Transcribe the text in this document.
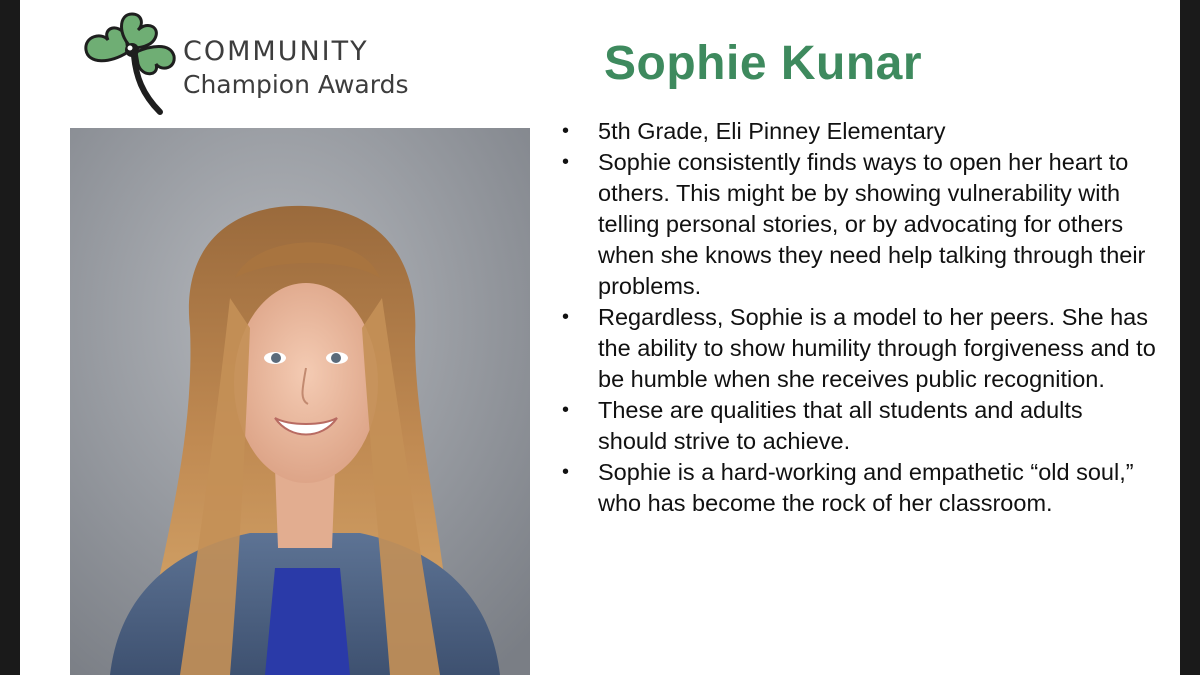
COMMUNITY
Champion Awards	Sophie Kunar
• 5th Grade, Eli Pinney Elementary
• Sophie consistently finds ways to open her heart to others. This might be by showing vulnerability with telling personal stories, or by advocating for others when she knows they need help talking through their problems.
• Regardless, Sophie is a model to her peers. She has the ability to show humility through forgiveness and to be humble when she receives public recognition.
• These are qualities that all students and adults should strive to achieve.
• Sophie is a hard-working and empathetic “old soul,” who has become the rock of her classroom.
